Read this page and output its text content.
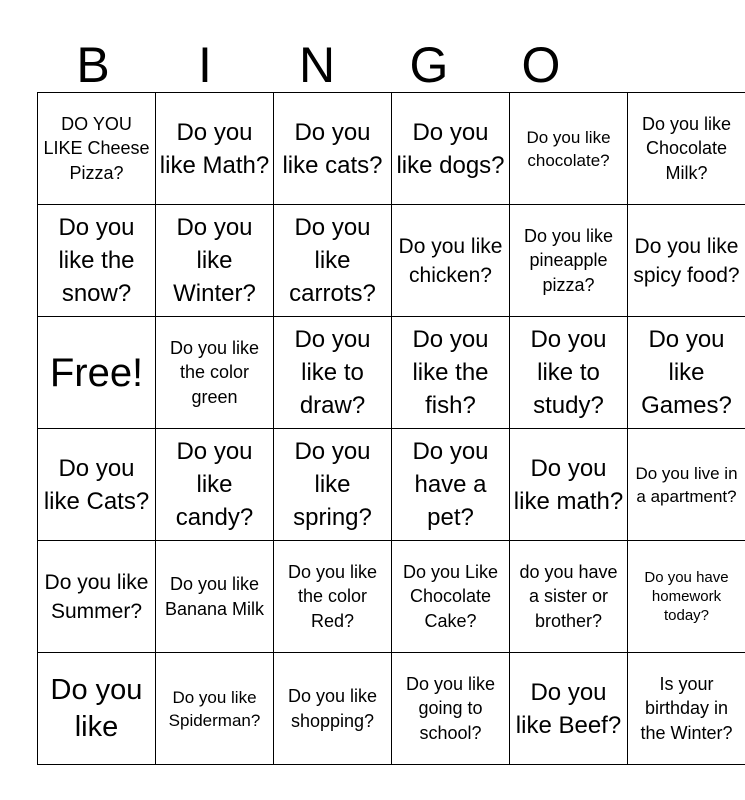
B	I	N	G	O
DO YOU LIKE Cheese Pizza?	Do you like Math?	Do you like cats?	Do you like dogs?	Do you like chocolate?	Do you like Chocolate Milk?
Do you like the snow?	Do you like Winter?	Do you like carrots?	Do you like chicken?	Do you like pineapple pizza?	Do you like spicy food?
Free!	Do you like the color green	Do you like to draw?	Do you like the fish?	Do you like to study?	Do you like Games?
Do you like Cats?	Do you like candy?	Do you like spring?	Do you have a pet?	Do you like math?	Do you live in a apartment?
Do you like Summer?	Do you like Banana Milk	Do you like the color Red?	Do you Like Chocolate Cake?	do you have a sister or brother?	Do you have homework today?
Do you like	Do you like Spiderman?	Do you like shopping?	Do you like going to school?	Do you like Beef?	Is your birthday in the Winter?
